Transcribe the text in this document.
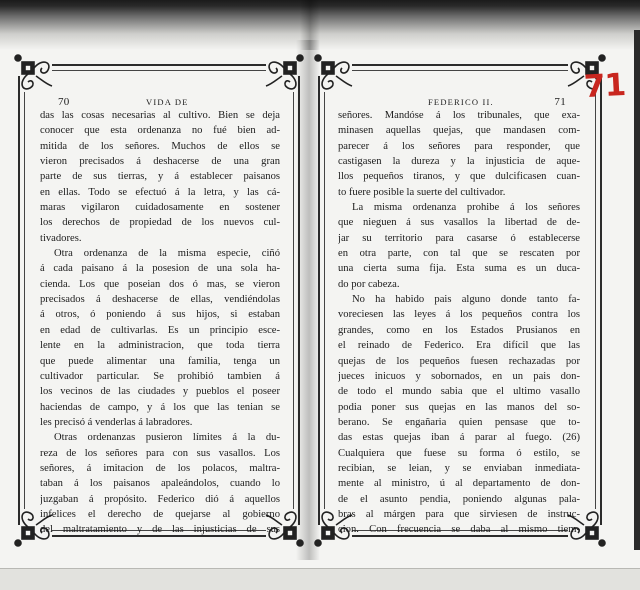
70	VIDA DE
das las cosas necesarias al cultivo. Bien se deja
conocer que esta ordenanza no fué bien ad-
mitida de los señores. Muchos de ellos se
vieron precisados á deshacerse de una gran
parte de sus tierras, y á establecer paisanos
en ellas. Todo se efectuó á la letra, y las cá-
maras vigilaron cuidadosamente en sostener
los derechos de propiedad de los nuevos cul-
tivadores.
Otra ordenanza de la misma especie, ciñó
á cada paisano á la posesion de una sola ha-
cienda. Los que poseian dos ó mas, se vieron
precisados á deshacerse de ellas, vendiéndolas
á otros, ó poniendo á sus hijos, si estaban
en edad de cultivarlas. Es un principio esce-
lente en la administracion, que toda tierra
que puede alimentar una familia, tenga un
cultivador particular. Se prohibió tambien á
los vecinos de las ciudades y pueblos el poseer
haciendas de campo, y á los que las tenian se
les precisó á venderlas á labradores.
Otras ordenanzas pusieron límites á la du-
reza de los señores para con sus vasallos. Los
señores, á imitacion de los polacos, maltra-
taban á los paisanos apaleándolos, cuando lo
juzgaban á propósito. Federico dió á aquellos
infelices el derecho de quejarse al gobierno
del maltratamiento y de las injusticias de sus
FEDERICO II.	71
señores. Mandóse á los tribunales, que exa-
minasen aquellas quejas, que mandasen com-
parecer á los señores para responder, que
castigasen la dureza y la injusticia de aque-
llos pequeños tiranos, y que dulcificasen cuan-
to fuere posible la suerte del cultivador.
La misma ordenanza prohibe á los señores
que nieguen á sus vasallos la libertad de de-
jar su territorio para casarse ó establecerse
en otra parte, con tal que se rescaten por
una cierta suma fija. Esta suma es un duca-
do por cabeza.
No ha habido pais alguno donde tanto fa-
voreciesen las leyes á los pequeños contra los
grandes, como en los Estados Prusianos en
el reinado de Federico. Era difícil que las
quejas de los pequeños fuesen rechazadas por
jueces inicuos y sobornados, en un pais don-
de todo el mundo sabia que el ultimo vasallo
podia poner sus quejas en las manos del so-
berano. Se engañaria quien pensase que to-
das estas quejas iban á parar al fuego. (26)
Cualquiera que fuese su forma ó estilo, se
recibian, se leian, y se enviaban inmediata-
mente al ministro, ú al departamento de don-
de el asunto pendia, poniendo algunas pala-
bras al márgen para que sirviesen de instruc-
cion. Con frecuencia se daba al mismo tiem-
71
